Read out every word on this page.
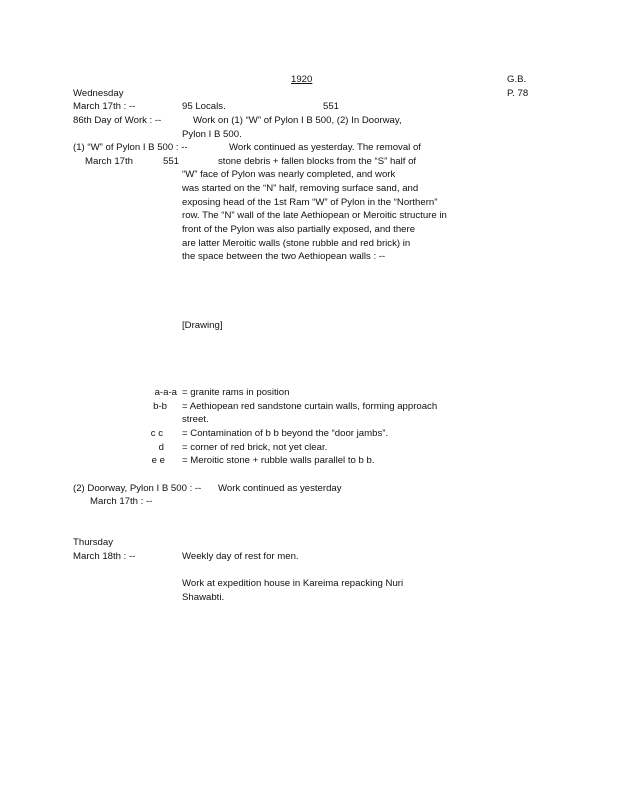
1920	G.B.
P. 78
Wednesday
March 17th : --	95 Locals.	551
86th Day of Work : --	Work on (1) “W” of Pylon I B 500, (2) In Doorway,
Pylon I B 500.
(1) “W” of Pylon I B 500 : --
March 17th	551
Work continued as yesterday. The removal of
stone debris + fallen blocks from the “S” half of
“W” face of Pylon was nearly completed, and work
was started on the “N” half, removing surface sand, and
exposing head of the 1st Ram “W” of Pylon in the “Northern”
row. The “N” wall of the late Aethiopean or Meroitic structure in
front of the Pylon was also partially exposed, and there
are latter Meroitic walls (stone rubble and red brick) in
the space between the two Aethiopean walls : --
[Drawing]
a-a-a = granite rams in position
b-b = Aethiopean red sandstone curtain walls, forming approach
street.
c c = Contamination of b b beyond the “door jambs”.
d = corner of red brick, not yet clear.
e e = Meroitic stone + rubble walls parallel to b b.
(2) Doorway, Pylon I B 500 : -- Work continued as yesterday
March 17th : --
Thursday
March 18th : --	Weekly day of rest for men.
Work at expedition house in Kareima repacking Nuri
Shawabti.
